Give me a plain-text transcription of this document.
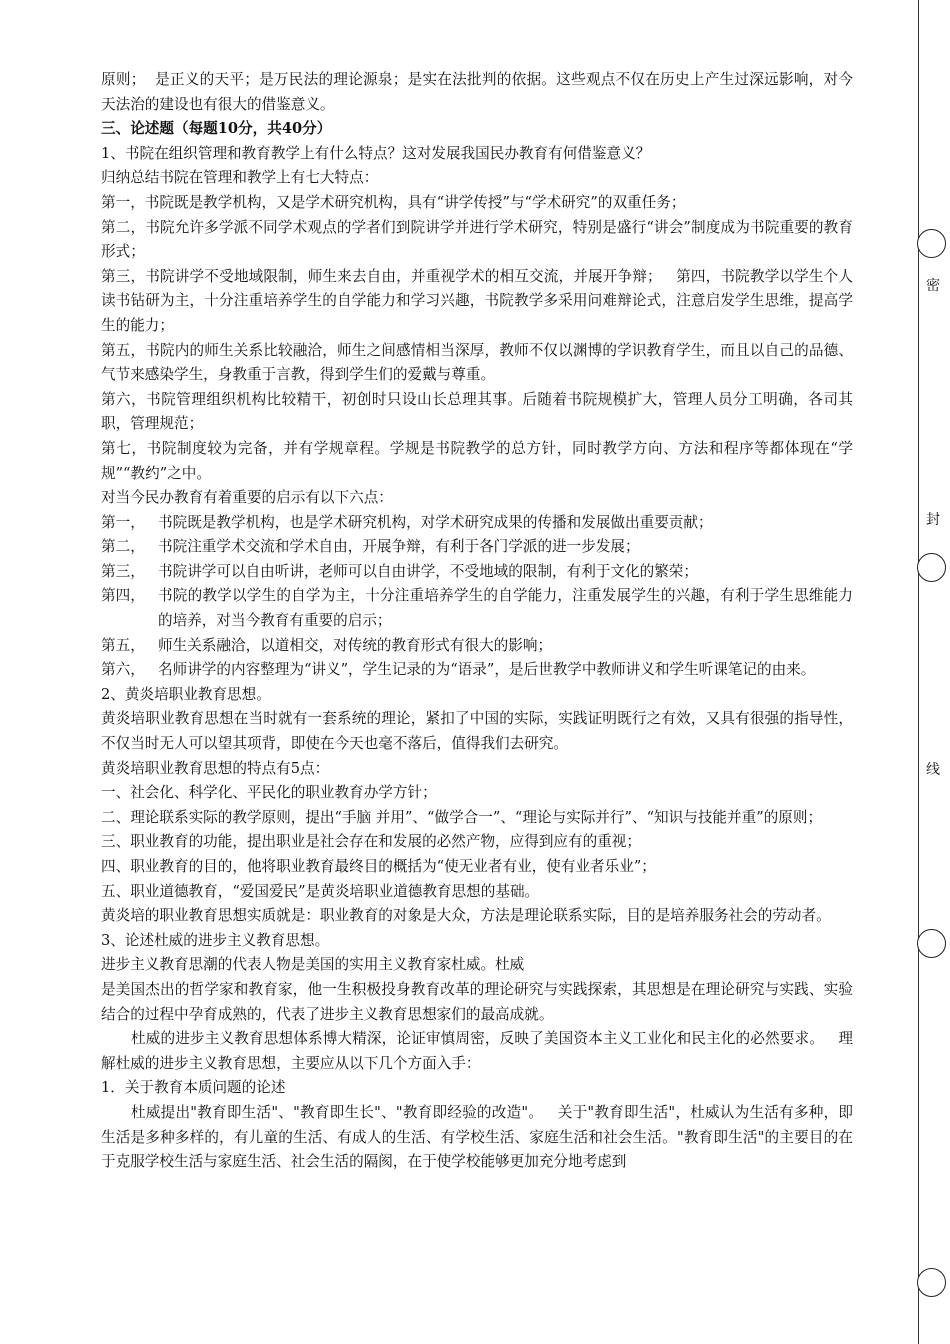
原则；  是正义的天平；是万民法的理论源泉；是实在法批判的依据。这些观点不仅在历史上产生过深远影响，对今天法治的建设也有很大的借鉴意义。

三、论述题（每题10分，共40分）

1、书院在组织管理和教育教学上有什么特点？这对发展我国民办教育有何借鉴意义？

归纳总结书院在管理和教学上有七大特点：

第一，书院既是教学机构，又是学术研究机构，具有“讲学传授”与“学术研究”的双重任务；

第二，书院允许多学派不同学术观点的学者们到院讲学并进行学术研究，特别是盛行“讲会”制度成为书院重要的教育形式；

第三，书院讲学不受地域限制，师生来去自由，并重视学术的相互交流，并展开争辩；   第四，书院教学以学生个人读书钻研为主，十分注重培养学生的自学能力和学习兴趣，书院教学多采用问难辩论式，注意启发学生思维，提高学生的能力；

第五，书院内的师生关系比较融洽，师生之间感情相当深厚，教师不仅以渊博的学识教育学生，而且以自己的品德、气节来感染学生，身教重于言教，得到学生们的爱戴与尊重。

第六，书院管理组织机构比较精干，初创时只设山长总理其事。后随着书院规模扩大，管理人员分工明确，各司其职，管理规范；

第七，书院制度较为完备，并有学规章程。学规是书院教学的总方针，同时教学方向、方法和程序等都体现在“学规”“教约”之中。

对当今民办教育有着重要的启示有以下六点：

第一， 书院既是教学机构，也是学术研究机构，对学术研究成果的传播和发展做出重要贡献；

第二， 书院注重学术交流和学术自由，开展争辩，有利于各门学派的进一步发展；

第三， 书院讲学可以自由听讲，老师可以自由讲学，不受地域的限制，有利于文化的繁荣；

第四， 书院的教学以学生的自学为主，十分注重培养学生的自学能力，注重发展学生的兴趣，有利于学生思维能力的培养，对当今教育有重要的启示；

第五， 师生关系融洽，以道相交，对传统的教育形式有很大的影响；

第六， 名师讲学的内容整理为“讲义”，学生记录的为“语录”，是后世教学中教师讲义和学生听课笔记的由来。

2、黄炎培职业教育思想。

黄炎培职业教育思想在当时就有一套系统的理论，紧扣了中国的实际，实践证明既行之有效，又具有很强的指导性，不仅当时无人可以望其项背，即使在今天也毫不落后，值得我们去研究。

黄炎培职业教育思想的特点有5点：

一、社会化、科学化、平民化的职业教育办学方针；

二、理论联系实际的教学原则，提出“手脑 并用”、“做学合一”、“理论与实际并行”、“知识与技能并重”的原则；

三、职业教育的功能，提出职业是社会存在和发展的必然产物，应得到应有的重视；

四、职业教育的目的，他将职业教育最终目的概括为“使无业者有业，使有业者乐业”；

五、职业道德教育，“爱国爱民”是黄炎培职业道德教育思想的基础。

黄炎培的职业教育思想实质就是：职业教育的对象是大众，方法是理论联系实际，目的是培养服务社会的劳动者。

3、论述杜威的进步主义教育思想。

进步主义教育思潮的代表人物是美国的实用主义教育家杜威。杜威

是美国杰出的哲学家和教育家，他一生积极投身教育改革的理论研究与实践探索，其思想是在理论研究与实践、实验结合的过程中孕育成熟的，代表了进步主义教育思想家们的最高成就。

杜威的进步主义教育思想体系博大精深，论证审慎周密，反映了美国资本主义工业化和民主化的必然要求。   理解杜威的进步主义教育思想，主要应从以下几个方面入手：

1．关于教育本质问题的论述

杜威提出"教育即生活"、"教育即生长"、"教育即经验的改造"。   关于"教育即生活"，杜威认为生活有多种，即生活是多种多样的，有儿童的生活、有成人的生活、有学校生活、家庭生活和社会生活。"教育即生活"的主要目的在于克服学校生活与家庭生活、社会生活的隔阂，在于使学校能够更加充分地考虑到

密
封
线
